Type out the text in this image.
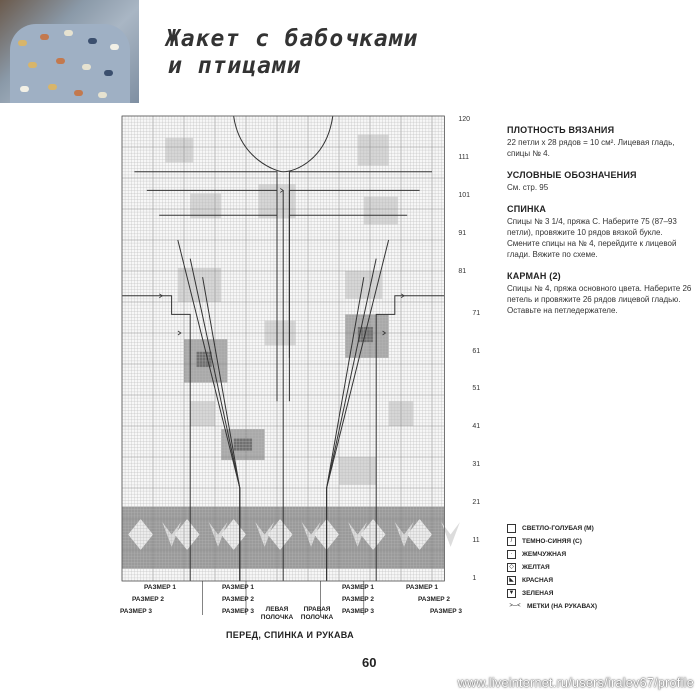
Жакет с бабочками
и птицами
120
111
101
91
81
71
61
51
41
31
21
11
1
РАЗМЕР 1
РАЗМЕР 2
РАЗМЕР 3
РАЗМЕР 1
РАЗМЕР 2
РАЗМЕР 3
РАЗМЕР 1
РАЗМЕР 2
РАЗМЕР 3
РАЗМЕР 1
РАЗМЕР 2
РАЗМЕР 3
ЛЕВАЯ ПОЛОЧКА
ПРАВАЯ ПОЛОЧКА
ПЕРЕД, СПИНКА И РУКАВА
ПЛОТНОСТЬ ВЯЗАНИЯ

22 петли x 28 рядов = 10 см². Лицевая гладь, спицы № 4.

УСЛОВНЫЕ ОБОЗНАЧЕНИЯ

См. стр. 95

СПИНКА

Спицы № 3 1/4, пряжа С. Наберите 75 (87–93 петли), провяжите 10 рядов вязкой букле. Смените спицы на № 4, перейдите к лицевой глади. Вяжите по схеме.

КАРМАН (2)

Спицы № 4, пряжа основного цвета. Наберите 26 петель и провяжите 26 рядов лицевой гладью. Оставьте на петледержателе.

СВЕТЛО-ГОЛУБАЯ (М)
/	ТЕМНО-СИНЯЯ (С)
·	ЖЕМЧУЖНАЯ
◇	ЖЕЛТАЯ
◣	КРАСНАЯ
▼ ЗЕЛЕНАЯ
>─< МЕТКИ (НА РУКАВАХ)
60
www.liveinternet.ru/users/iralev67/profile
